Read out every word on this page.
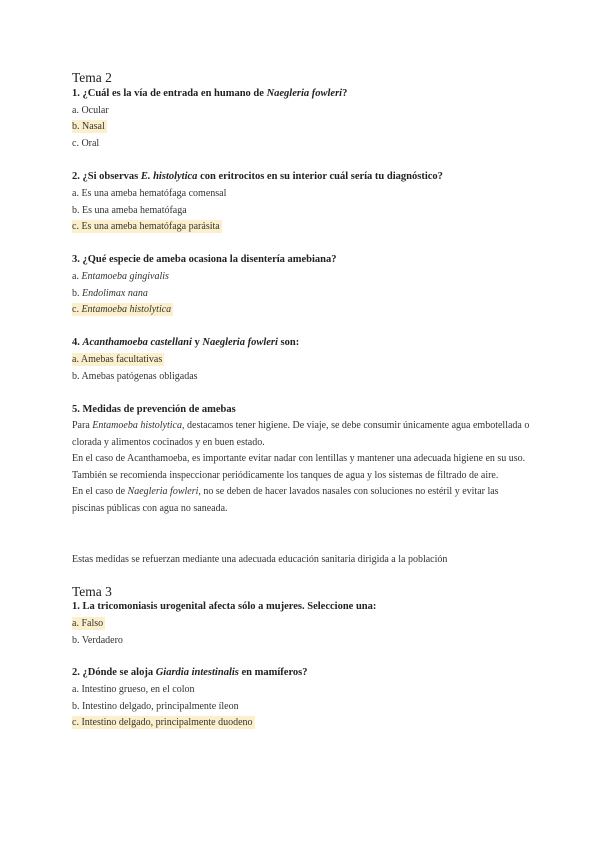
Tema 2
1. ¿Cuál es la vía de entrada en humano de Naegleria fowleri?
a. Ocular
b. Nasal
c. Oral
2. ¿Si observas E. histolytica con eritrocitos en su interior cuál sería tu diagnóstico?
a. Es una ameba hematófaga comensal
b. Es una ameba hematófaga
c. Es una ameba hematófaga parásita
3. ¿Qué especie de ameba ocasiona la disentería amebiana?
a. Entamoeba gingivalis
b. Endolimax nana
c. Entamoeba histolytica
4. Acanthamoeba castellani y Naegleria fowleri son:
a. Amebas facultativas
b. Amebas patógenas obligadas
5. Medidas de prevención de amebas

Para Entamoeba histolytica, destacamos tener higiene. De viaje, se debe consumir únicamente agua embotellada o clorada y alimentos cocinados y en buen estado.

En el caso de Acanthamoeba, es importante evitar nadar con lentillas y mantener una adecuada higiene en su uso. También se recomienda inspeccionar periódicamente los tanques de agua y los sistemas de filtrado de aire.

En el caso de Naegleria fowleri, no se deben de hacer lavados nasales con soluciones no estéril y evitar las piscinas públicas con agua no saneada.

Estas medidas se refuerzan mediante una adecuada educación sanitaria dirigida a la población
Tema 3
1. La tricomoniasis urogenital afecta sólo a mujeres. Seleccione una:
a. Falso
b. Verdadero
2. ¿Dónde se aloja Giardia intestinalis en mamíferos?
a. Intestino grueso, en el colon
b. Intestino delgado, principalmente íleon
c. Intestino delgado, principalmente duodeno
